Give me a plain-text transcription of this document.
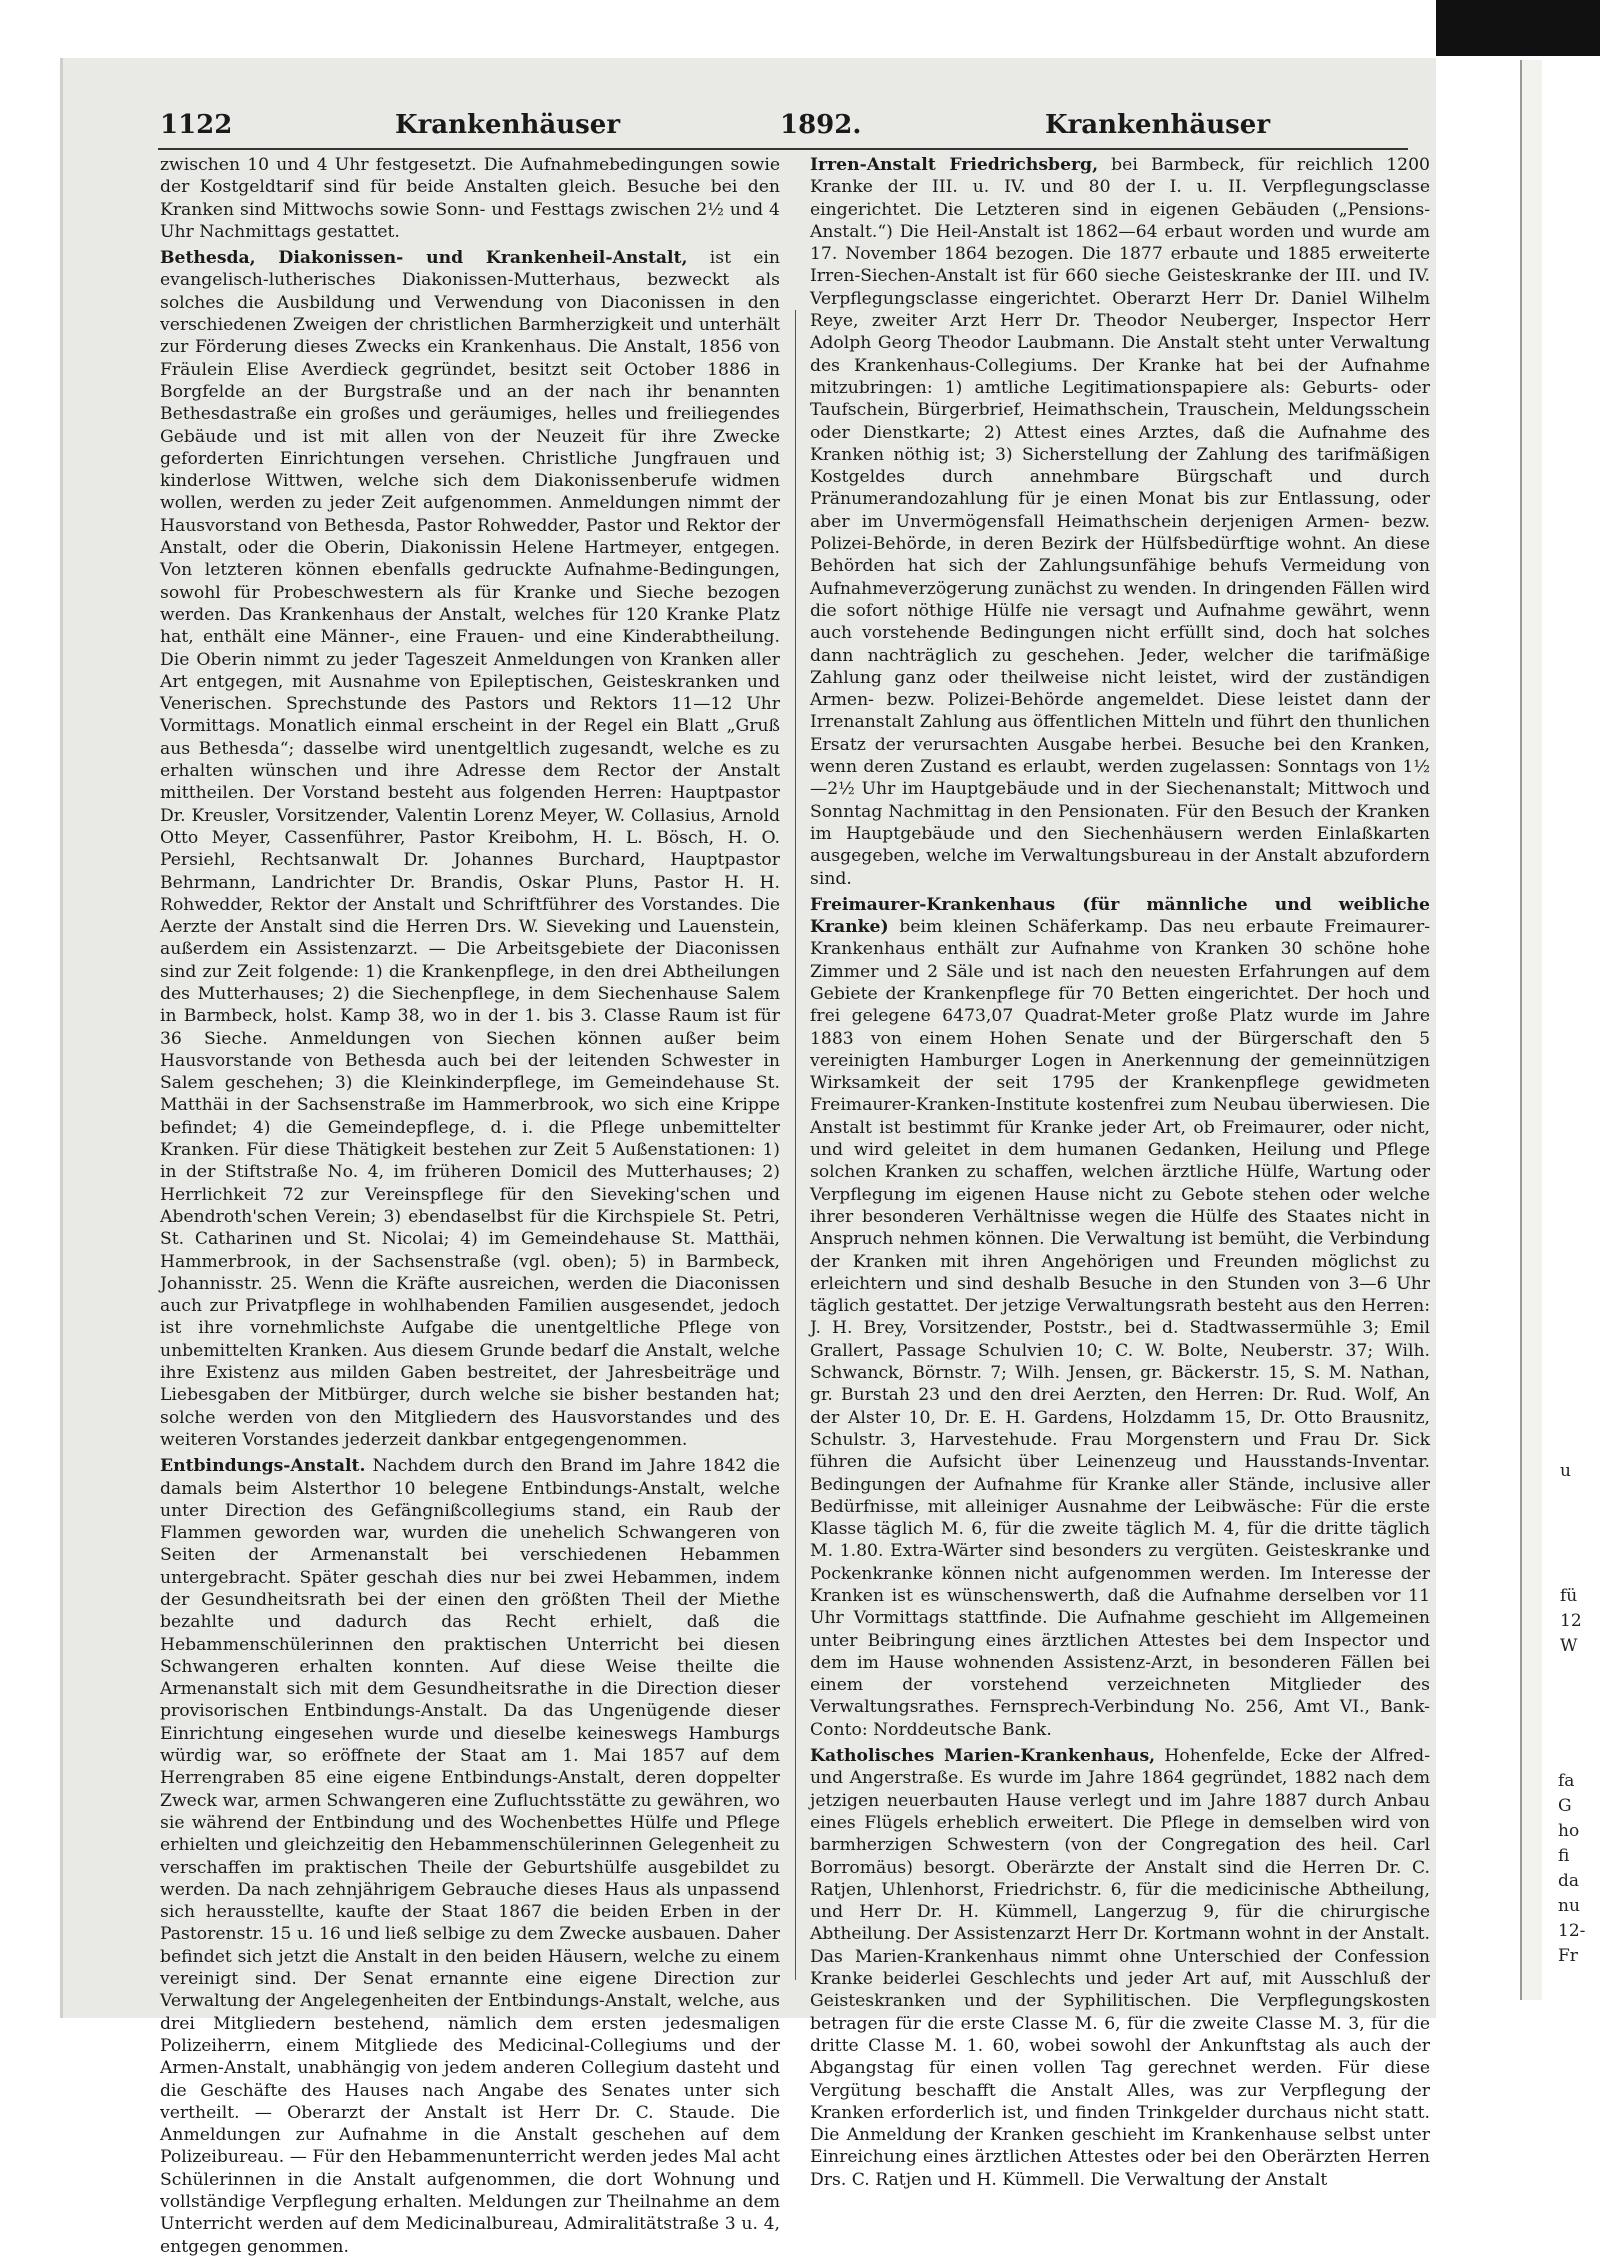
1122	Krankenhäuser	1892.	Krankenhäuser

zwischen 10 und 4 Uhr festgesetzt. Die Aufnahmebedingungen sowie der Kostgeldtarif sind für beide Anstalten gleich. Besuche bei den Kranken sind Mittwochs sowie Sonn- und Festtags zwischen 2½ und 4 Uhr Nachmittags gestattet.

Bethesda, Diakonissen- und Krankenheil-Anstalt, ist ein evangelisch-lutherisches Diakonissen-Mutterhaus, bezweckt als solches die Ausbildung und Verwendung von Diaconissen in den verschiedenen Zweigen der christlichen Barmherzigkeit und unterhält zur Förderung dieses Zwecks ein Krankenhaus. Die Anstalt, 1856 von Fräulein Elise Averdieck gegründet, besitzt seit October 1886 in Borgfelde an der Burgstraße und an der nach ihr benannten Bethesdastraße ein großes und geräumiges, helles und freiliegendes Gebäude und ist mit allen von der Neuzeit für ihre Zwecke geforderten Einrichtungen versehen. Christliche Jungfrauen und kinderlose Wittwen, welche sich dem Diakonissenberufe widmen wollen, werden zu jeder Zeit aufgenommen. Anmeldungen nimmt der Hausvorstand von Bethesda, Pastor Rohwedder, Pastor und Rektor der Anstalt, oder die Oberin, Diakonissin Helene Hartmeyer, entgegen. Von letzteren können ebenfalls gedruckte Aufnahme-Bedingungen, sowohl für Probeschwestern als für Kranke und Sieche bezogen werden. Das Krankenhaus der Anstalt, welches für 120 Kranke Platz hat, enthält eine Männer-, eine Frauen- und eine Kinderabtheilung. Die Oberin nimmt zu jeder Tageszeit Anmeldungen von Kranken aller Art entgegen, mit Ausnahme von Epileptischen, Geisteskranken und Venerischen. Sprechstunde des Pastors und Rektors 11—12 Uhr Vormittags. Monatlich einmal erscheint in der Regel ein Blatt „Gruß aus Bethesda“; dasselbe wird unentgeltlich zugesandt, welche es zu erhalten wünschen und ihre Adresse dem Rector der Anstalt mittheilen. Der Vorstand besteht aus folgenden Herren: Hauptpastor Dr. Kreusler, Vorsitzender, Valentin Lorenz Meyer, W. Collasius, Arnold Otto Meyer, Cassenführer, Pastor Kreibohm, H. L. Bösch, H. O. Persiehl, Rechtsanwalt Dr. Johannes Burchard, Hauptpastor Behrmann, Landrichter Dr. Brandis, Oskar Pluns, Pastor H. H. Rohwedder, Rektor der Anstalt und Schriftführer des Vorstandes. Die Aerzte der Anstalt sind die Herren Drs. W. Sieveking und Lauenstein, außerdem ein Assistenzarzt. — Die Arbeitsgebiete der Diaconissen sind zur Zeit folgende: 1) die Krankenpflege, in den drei Abtheilungen des Mutterhauses; 2) die Siechenpflege, in dem Siechenhause Salem in Barmbeck, holst. Kamp 38, wo in der 1. bis 3. Classe Raum ist für 36 Sieche. Anmeldungen von Siechen können außer beim Hausvorstande von Bethesda auch bei der leitenden Schwester in Salem geschehen; 3) die Kleinkinderpflege, im Gemeindehause St. Matthäi in der Sachsenstraße im Hammerbrook, wo sich eine Krippe befindet; 4) die Gemeindepflege, d. i. die Pflege unbemittelter Kranken. Für diese Thätigkeit bestehen zur Zeit 5 Außenstationen: 1) in der Stiftstraße No. 4, im früheren Domicil des Mutterhauses; 2) Herrlichkeit 72 zur Vereinspflege für den Sieveking'schen und Abendroth'schen Verein; 3) ebendaselbst für die Kirchspiele St. Petri, St. Catharinen und St. Nicolai; 4) im Gemeindehause St. Matthäi, Hammerbrook, in der Sachsenstraße (vgl. oben); 5) in Barmbeck, Johannisstr. 25. Wenn die Kräfte ausreichen, werden die Diaconissen auch zur Privatpflege in wohlhabenden Familien ausgesendet, jedoch ist ihre vornehmlichste Aufgabe die unentgeltliche Pflege von unbemittelten Kranken. Aus diesem Grunde bedarf die Anstalt, welche ihre Existenz aus milden Gaben bestreitet, der Jahresbeiträge und Liebesgaben der Mitbürger, durch welche sie bisher bestanden hat; solche werden von den Mitgliedern des Hausvorstandes und des weiteren Vorstandes jederzeit dankbar entgegengenommen.

Entbindungs-Anstalt. Nachdem durch den Brand im Jahre 1842 die damals beim Alsterthor 10 belegene Entbindungs-Anstalt, welche unter Direction des Gefängnißcollegiums stand, ein Raub der Flammen geworden war, wurden die unehelich Schwangeren von Seiten der Armenanstalt bei verschiedenen Hebammen untergebracht. Später geschah dies nur bei zwei Hebammen, indem der Gesundheitsrath bei der einen den größten Theil der Miethe bezahlte und dadurch das Recht erhielt, daß die Hebammenschülerinnen den praktischen Unterricht bei diesen Schwangeren erhalten konnten. Auf diese Weise theilte die Armenanstalt sich mit dem Gesundheitsrathe in die Direction dieser provisorischen Entbindungs-Anstalt. Da das Ungenügende dieser Einrichtung eingesehen wurde und dieselbe keineswegs Hamburgs würdig war, so eröffnete der Staat am 1. Mai 1857 auf dem Herrengraben 85 eine eigene Entbindungs-Anstalt, deren doppelter Zweck war, armen Schwangeren eine Zufluchtsstätte zu gewähren, wo sie während der Entbindung und des Wochenbettes Hülfe und Pflege erhielten und gleichzeitig den Hebammenschülerinnen Gelegenheit zu verschaffen im praktischen Theile der Geburtshülfe ausgebildet zu werden. Da nach zehnjährigem Gebrauche dieses Haus als unpassend sich herausstellte, kaufte der Staat 1867 die beiden Erben in der Pastorenstr. 15 u. 16 und ließ selbige zu dem Zwecke ausbauen. Daher befindet sich jetzt die Anstalt in den beiden Häusern, welche zu einem vereinigt sind. Der Senat ernannte eine eigene Direction zur Verwaltung der Angelegenheiten der Entbindungs-Anstalt, welche, aus drei Mitgliedern bestehend, nämlich dem ersten jedesmaligen Polizeiherrn, einem Mitgliede des Medicinal-Collegiums und der Armen-Anstalt, unabhängig von jedem anderen Collegium dasteht und die Geschäfte des Hauses nach Angabe des Senates unter sich vertheilt. — Oberarzt der Anstalt ist Herr Dr. C. Staude. Die Anmeldungen zur Aufnahme in die Anstalt geschehen auf dem Polizeibureau. — Für den Hebammenunterricht werden jedes Mal acht Schülerinnen in die Anstalt aufgenommen, die dort Wohnung und vollständige Verpflegung erhalten. Meldungen zur Theilnahme an dem Unterricht werden auf dem Medicinalbureau, Admiralitätstraße 3 u. 4, entgegen genommen.

Irren-Anstalt Friedrichsberg, bei Barmbeck, für reichlich 1200 Kranke der III. u. IV. und 80 der I. u. II. Verpflegungsclasse eingerichtet. Die Letzteren sind in eigenen Gebäuden („Pensions-Anstalt.“) Die Heil-Anstalt ist 1862—64 erbaut worden und wurde am 17. November 1864 bezogen. Die 1877 erbaute und 1885 erweiterte Irren-Siechen-Anstalt ist für 660 sieche Geisteskranke der III. und IV. Verpflegungsclasse eingerichtet. Oberarzt Herr Dr. Daniel Wilhelm Reye, zweiter Arzt Herr Dr. Theodor Neuberger, Inspector Herr Adolph Georg Theodor Laubmann. Die Anstalt steht unter Verwaltung des Krankenhaus-Collegiums. Der Kranke hat bei der Aufnahme mitzubringen: 1) amtliche Legitimationspapiere als: Geburts- oder Taufschein, Bürgerbrief, Heimathschein, Trauschein, Meldungsschein oder Dienstkarte; 2) Attest eines Arztes, daß die Aufnahme des Kranken nöthig ist; 3) Sicherstellung der Zahlung des tarifmäßigen Kostgeldes durch annehmbare Bürgschaft und durch Pränumerandozahlung für je einen Monat bis zur Entlassung, oder aber im Unvermögensfall Heimathschein derjenigen Armen- bezw. Polizei-Behörde, in deren Bezirk der Hülfsbedürftige wohnt. An diese Behörden hat sich der Zahlungsunfähige behufs Vermeidung von Aufnahmeverzögerung zunächst zu wenden. In dringenden Fällen wird die sofort nöthige Hülfe nie versagt und Aufnahme gewährt, wenn auch vorstehende Bedingungen nicht erfüllt sind, doch hat solches dann nachträglich zu geschehen. Jeder, welcher die tarifmäßige Zahlung ganz oder theilweise nicht leistet, wird der zuständigen Armen- bezw. Polizei-Behörde angemeldet. Diese leistet dann der Irrenanstalt Zahlung aus öffentlichen Mitteln und führt den thunlichen Ersatz der verursachten Ausgabe herbei. Besuche bei den Kranken, wenn deren Zustand es erlaubt, werden zugelassen: Sonntags von 1½—2½ Uhr im Hauptgebäude und in der Siechenanstalt; Mittwoch und Sonntag Nachmittag in den Pensionaten. Für den Besuch der Kranken im Hauptgebäude und den Siechenhäusern werden Einlaßkarten ausgegeben, welche im Verwaltungsbureau in der Anstalt abzufordern sind.

Freimaurer-Krankenhaus (für männliche und weibliche Kranke) beim kleinen Schäferkamp. Das neu erbaute Freimaurer-Krankenhaus enthält zur Aufnahme von Kranken 30 schöne hohe Zimmer und 2 Säle und ist nach den neuesten Erfahrungen auf dem Gebiete der Krankenpflege für 70 Betten eingerichtet. Der hoch und frei gelegene 6473,07 Quadrat-Meter große Platz wurde im Jahre 1883 von einem Hohen Senate und der Bürgerschaft den 5 vereinigten Hamburger Logen in Anerkennung der gemeinnützigen Wirksamkeit der seit 1795 der Krankenpflege gewidmeten Freimaurer-Kranken-Institute kostenfrei zum Neubau überwiesen. Die Anstalt ist bestimmt für Kranke jeder Art, ob Freimaurer, oder nicht, und wird geleitet in dem humanen Gedanken, Heilung und Pflege solchen Kranken zu schaffen, welchen ärztliche Hülfe, Wartung oder Verpflegung im eigenen Hause nicht zu Gebote stehen oder welche ihrer besonderen Verhältnisse wegen die Hülfe des Staates nicht in Anspruch nehmen können. Die Verwaltung ist bemüht, die Verbindung der Kranken mit ihren Angehörigen und Freunden möglichst zu erleichtern und sind deshalb Besuche in den Stunden von 3—6 Uhr täglich gestattet. Der jetzige Verwaltungsrath besteht aus den Herren: J. H. Brey, Vorsitzender, Poststr., bei d. Stadtwassermühle 3; Emil Grallert, Passage Schulvien 10; C. W. Bolte, Neuberstr. 37; Wilh. Schwanck, Börnstr. 7; Wilh. Jensen, gr. Bäckerstr. 15, S. M. Nathan, gr. Burstah 23 und den drei Aerzten, den Herren: Dr. Rud. Wolf, An der Alster 10, Dr. E. H. Gardens, Holzdamm 15, Dr. Otto Brausnitz, Schulstr. 3, Harvestehude. Frau Morgenstern und Frau Dr. Sick führen die Aufsicht über Leinenzeug und Hausstands-Inventar. Bedingungen der Aufnahme für Kranke aller Stände, inclusive aller Bedürfnisse, mit alleiniger Ausnahme der Leibwäsche: Für die erste Klasse täglich M. 6, für die zweite täglich M. 4, für die dritte täglich M. 1.80. Extra-Wärter sind besonders zu vergüten. Geisteskranke und Pockenkranke können nicht aufgenommen werden. Im Interesse der Kranken ist es wünschenswerth, daß die Aufnahme derselben vor 11 Uhr Vormittags stattfinde. Die Aufnahme geschieht im Allgemeinen unter Beibringung eines ärztlichen Attestes bei dem Inspector und dem im Hause wohnenden Assistenz-Arzt, in besonderen Fällen bei einem der vorstehend verzeichneten Mitglieder des Verwaltungsrathes. Fernsprech-Verbindung No. 256, Amt VI., Bank-Conto: Norddeutsche Bank.

Katholisches Marien-Krankenhaus, Hohenfelde, Ecke der Alfred- und Angerstraße. Es wurde im Jahre 1864 gegründet, 1882 nach dem jetzigen neuerbauten Hause verlegt und im Jahre 1887 durch Anbau eines Flügels erheblich erweitert. Die Pflege in demselben wird von barmherzigen Schwestern (von der Congregation des heil. Carl Borromäus) besorgt. Oberärzte der Anstalt sind die Herren Dr. C. Ratjen, Uhlenhorst, Friedrichstr. 6, für die medicinische Abtheilung, und Herr Dr. H. Kümmell, Langerzug 9, für die chirurgische Abtheilung. Der Assistenzarzt Herr Dr. Kortmann wohnt in der Anstalt. Das Marien-Krankenhaus nimmt ohne Unterschied der Confession Kranke beiderlei Geschlechts und jeder Art auf, mit Ausschluß der Geisteskranken und der Syphilitischen. Die Verpflegungskosten betragen für die erste Classe M. 6, für die zweite Classe M. 3, für die dritte Classe M. 1. 60, wobei sowohl der Ankunftstag als auch der Abgangstag für einen vollen Tag gerechnet werden. Für diese Vergütung beschafft die Anstalt Alles, was zur Verpflegung der Kranken erforderlich ist, und finden Trinkgelder durchaus nicht statt. Die Anmeldung der Kranken geschieht im Krankenhause selbst unter Einreichung eines ärztlichen Attestes oder bei den Oberärzten Herren Drs. C. Ratjen und H. Kümmell. Die Verwaltung der Anstalt

u
fü
12
W
fa
G
ho
fi
da
nu
12-
Fr
